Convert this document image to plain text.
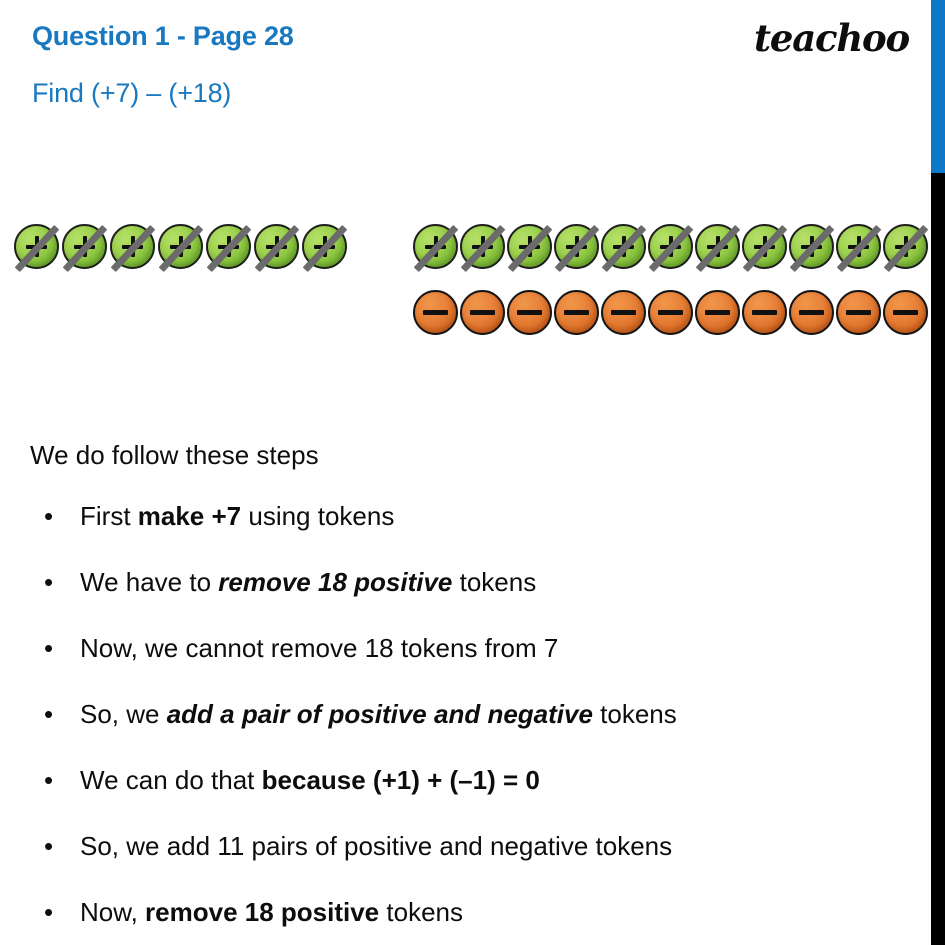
Question 1 - Page 28
Find (+7) – (+18)
teachoo
We do follow these steps
• First make +7 using tokens
• We have to remove 18 positive tokens
• Now, we cannot remove 18 tokens from 7
• So, we add a pair of positive and negative tokens
• We can do that because (+1) + (–1) = 0
• So, we add 11 pairs of positive and negative tokens
• Now, remove 18 positive tokens
